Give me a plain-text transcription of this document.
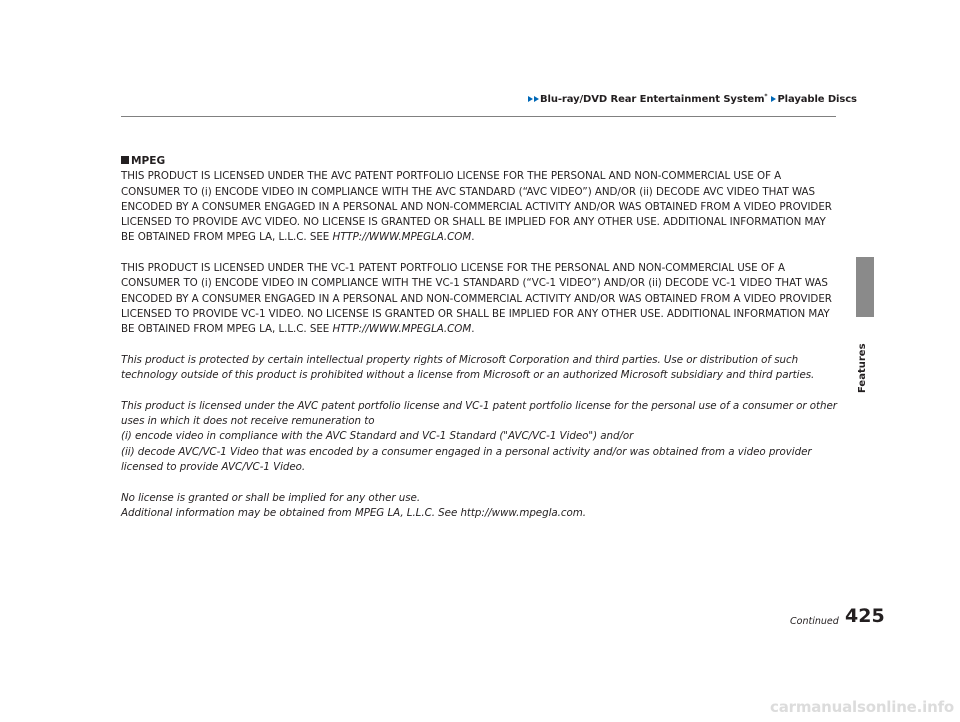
Blu-ray/DVD Rear Entertainment System* Playable Discs
Features
MPEG

THIS PRODUCT IS LICENSED UNDER THE AVC PATENT PORTFOLIO LICENSE FOR THE PERSONAL AND NON-COMMERCIAL USE OF A CONSUMER TO (i) ENCODE VIDEO IN COMPLIANCE WITH THE AVC STANDARD (“AVC VIDEO”) AND/OR (ii) DECODE AVC VIDEO THAT WAS ENCODED BY A CONSUMER ENGAGED IN A PERSONAL AND NON-COMMERCIAL ACTIVITY AND/OR WAS OBTAINED FROM A VIDEO PROVIDER LICENSED TO PROVIDE AVC VIDEO. NO LICENSE IS GRANTED OR SHALL BE IMPLIED FOR ANY OTHER USE. ADDITIONAL INFORMATION MAY BE OBTAINED FROM MPEG LA, L.L.C. SEE HTTP://WWW.MPEGLA.COM.

THIS PRODUCT IS LICENSED UNDER THE VC-1 PATENT PORTFOLIO LICENSE FOR THE PERSONAL AND NON-COMMERCIAL USE OF A CONSUMER TO (i) ENCODE VIDEO IN COMPLIANCE WITH THE VC-1 STANDARD (“VC-1 VIDEO”) AND/OR (ii) DECODE VC-1 VIDEO THAT WAS ENCODED BY A CONSUMER ENGAGED IN A PERSONAL AND NON-COMMERCIAL ACTIVITY AND/OR WAS OBTAINED FROM A VIDEO PROVIDER LICENSED TO PROVIDE VC-1 VIDEO. NO LICENSE IS GRANTED OR SHALL BE IMPLIED FOR ANY OTHER USE. ADDITIONAL INFORMATION MAY BE OBTAINED FROM MPEG LA, L.L.C. SEE HTTP://WWW.MPEGLA.COM.

This product is protected by certain intellectual property rights of Microsoft Corporation and third parties. Use or distribution of such technology outside of this product is prohibited without a license from Microsoft or an authorized Microsoft subsidiary and third parties.

This product is licensed under the AVC patent portfolio license and VC-1 patent portfolio license for the personal use of a consumer or other uses in which it does not receive remuneration to
(i) encode video in compliance with the AVC Standard and VC-1 Standard ("AVC/VC-1 Video") and/or
(ii) decode AVC/VC-1 Video that was encoded by a consumer engaged in a personal activity and/or was obtained from a video provider licensed to provide AVC/VC-1 Video.

No license is granted or shall be implied for any other use.
Additional information may be obtained from MPEG LA, L.L.C. See http://www.mpegla.com.

Continued 425
carmanualsonline.info
